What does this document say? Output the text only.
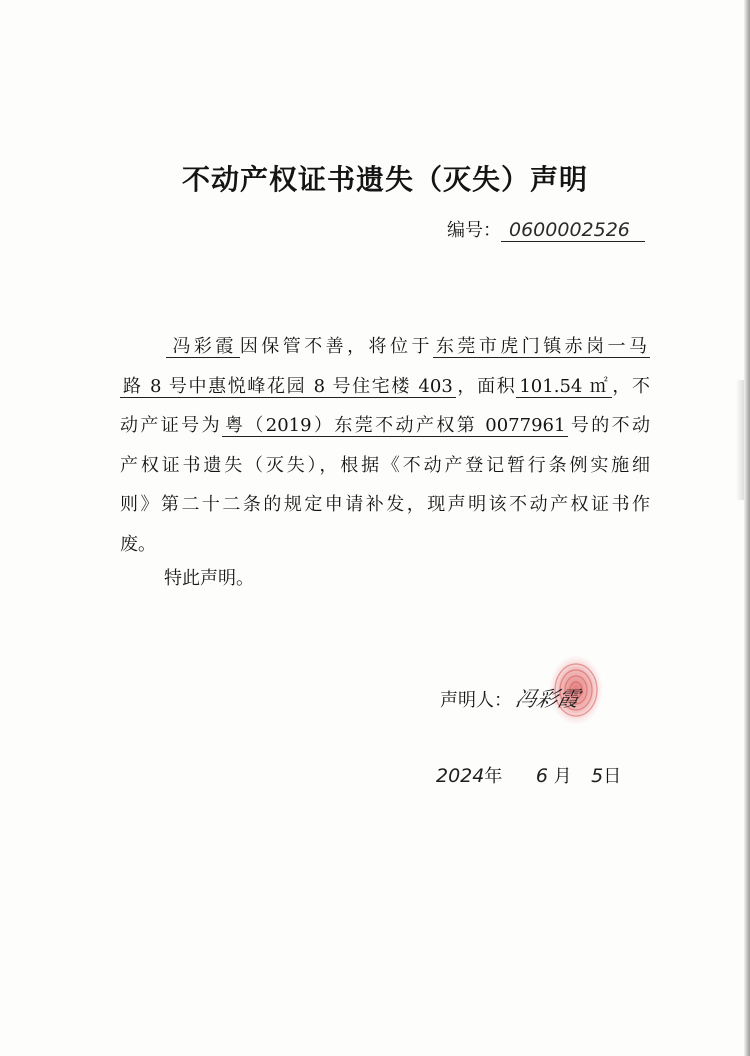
不动产权证书遗失（灭失）声明
编号： 0600002526
冯彩霞 因保管不善，将位于 东莞市虎门镇赤岗一马
路 8 号中惠悦峰花园 8 号住宅楼 403 ，面积 101.54 ㎡ ，不
动产证号为 粤（2019）东莞不动产权第 0077961 号的不动
产权证书遗失（灭失），根据《不动产登记暂行条例实施细
则》第二十二条的规定申请补发，现声明该不动产权证书作
废。
特此声明。
声明人：冯彩霞
2024年 6 月 5日
